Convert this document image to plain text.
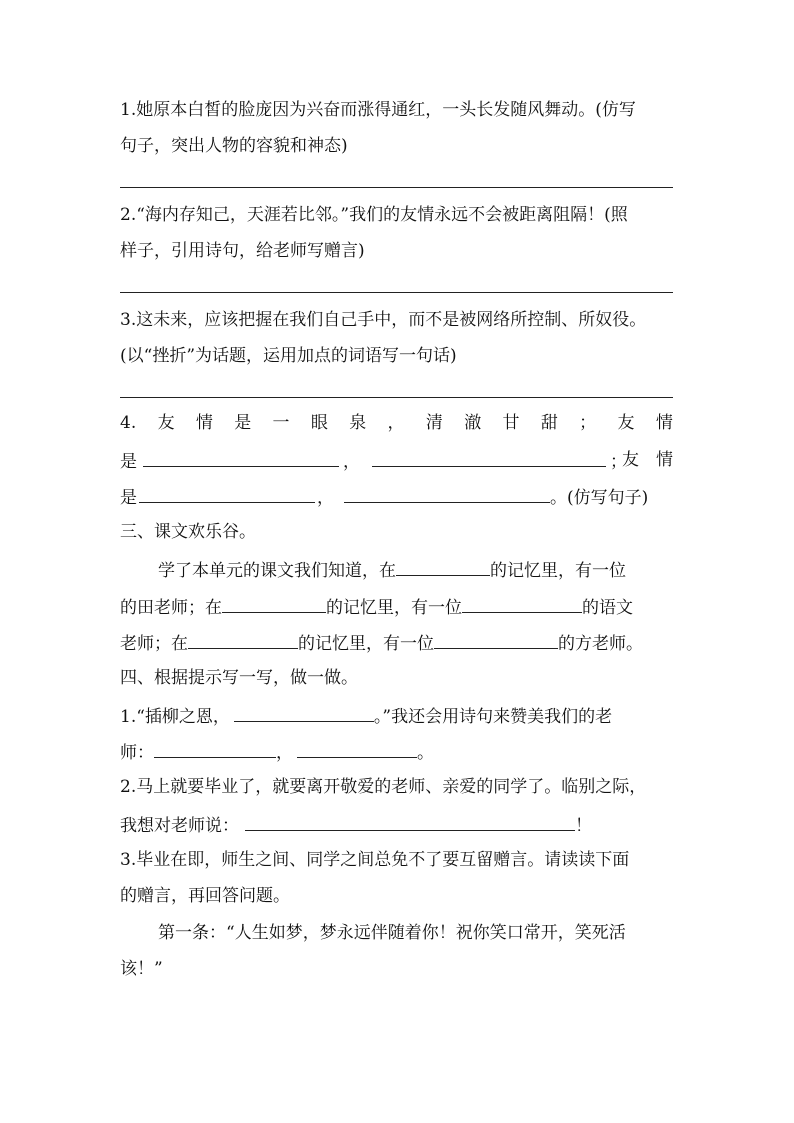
1.她原本白皙的脸庞因为兴奋而涨得通红，一头长发随风舞动。(仿写
句子，突出人物的容貌和神态)
2.“海内存知己，天涯若比邻。”我们的友情永远不会被距离阻隔！(照
样子，引用诗句，给老师写赠言)
3.这未来，应该把握在我们自己手中，而不是被网络所控制、所奴役。
(以“挫折”为话题，运用加点的词语写一句话)
4. 友 情 是 一 眼 泉 ， 清 澈 甘 甜 ； 友 情
是	，	；
友　情
是	，	。(仿写句子)
三、课文欢乐谷。
学了本单元的课文我们知道，在	的记忆里，有一位
的田老师；在	的记忆里，有一位	的语文
老师；在	的记忆里，有一位	的方老师。
四、根据提示写一写，做一做。
1.“插柳之恩，	。”我还会用诗句来赞美我们的老
师：	，	。
2.马上就要毕业了，就要离开敬爱的老师、亲爱的同学了。临别之际，
我想对老师说：	！
3.毕业在即，师生之间、同学之间总免不了要互留赠言。请读读下面
的赠言，再回答问题。
第一条：“人生如梦，梦永远伴随着你！祝你笑口常开，笑死活
该！”
